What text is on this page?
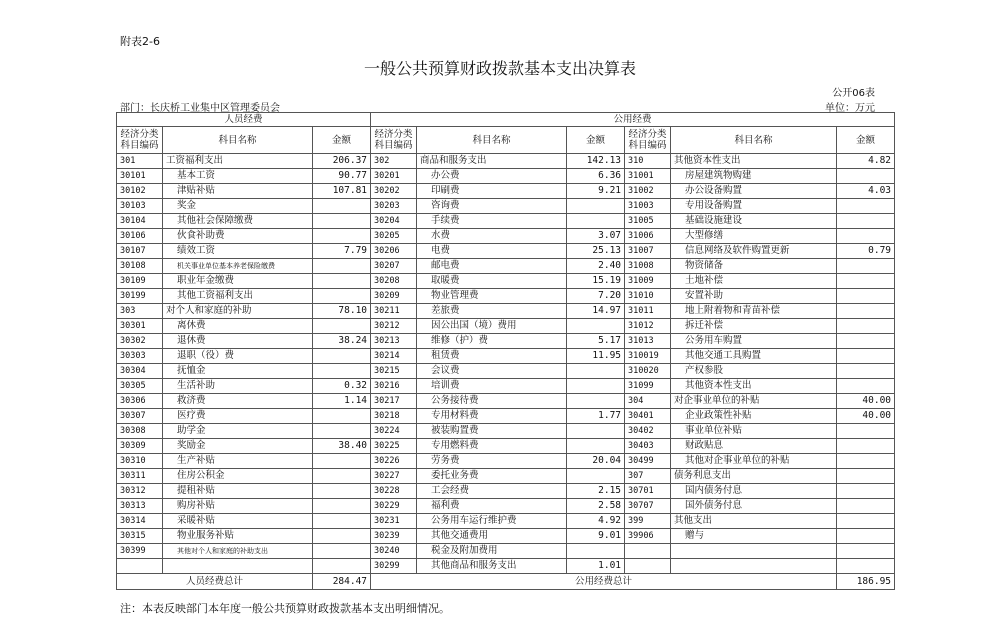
附表2-6
一般公共预算财政拨款基本支出决算表
公开06表
部门：长庆桥工业集中区管理委员会	单位：万元
人员经费			公用经费					
经济分类科目编码	科目名称	金额	经济分类科目编码	科目名称	金额	经济分类科目编码	科目名称	金额
301	工资福利支出	206.37	302	商品和服务支出	142.13	310	其他资本性支出	4.82
30101	基本工资	90.77	30201	办公费	6.36	31001	房屋建筑物购建	
30102	津贴补贴	107.81	30202	印刷费	9.21	31002	办公设备购置	4.03
30103	奖金		30203	咨询费		31003	专用设备购置	
30104	其他社会保障缴费		30204	手续费		31005	基础设施建设	
30106	伙食补助费		30205	水费	3.07	31006	大型修缮	
30107	绩效工资	7.79	30206	电费	25.13	31007	信息网络及软件购置更新	0.79
30108	机关事业单位基本养老保险缴费		30207	邮电费	2.40	31008	物资储备	
30109	职业年金缴费		30208	取暖费	15.19	31009	土地补偿	
30199	其他工资福利支出		30209	物业管理费	7.20	31010	安置补助	
303	对个人和家庭的补助	78.10	30211	差旅费	14.97	31011	地上附着物和青苗补偿	
30301	离休费		30212	因公出国（境）费用		31012	拆迁补偿	
30302	退休费	38.24	30213	维修（护）费	5.17	31013	公务用车购置	
30303	退职（役）费		30214	租赁费	11.95	310019	其他交通工具购置	
30304	抚恤金		30215	会议费		310020	产权参股	
30305	生活补助	0.32	30216	培训费		31099	其他资本性支出	
30306	救济费	1.14	30217	公务接待费		304	对企事业单位的补贴	40.00
30307	医疗费		30218	专用材料费	1.77	30401	企业政策性补贴	40.00
30308	助学金		30224	被装购置费		30402	事业单位补贴	
30309	奖励金	38.40	30225	专用燃料费		30403	财政贴息	
30310	生产补贴		30226	劳务费	20.04	30499	其他对企事业单位的补贴	
30311	住房公积金		30227	委托业务费		307	债务利息支出	
30312	提租补贴		30228	工会经费	2.15	30701	国内债务付息	
30313	购房补贴		30229	福利费	2.58	30707	国外债务付息	
30314	采暖补贴		30231	公务用车运行维护费	4.92	399	其他支出	
30315	物业服务补贴		30239	其他交通费用	9.01	39906	赠与	
30399	其他对个人和家庭的补助支出		30240	税金及附加费用				
			30299	其他商品和服务支出	1.01			
人员经费总计		284.47	公用经费总计					186.95
注：本表反映部门本年度一般公共预算财政拨款基本支出明细情况。
